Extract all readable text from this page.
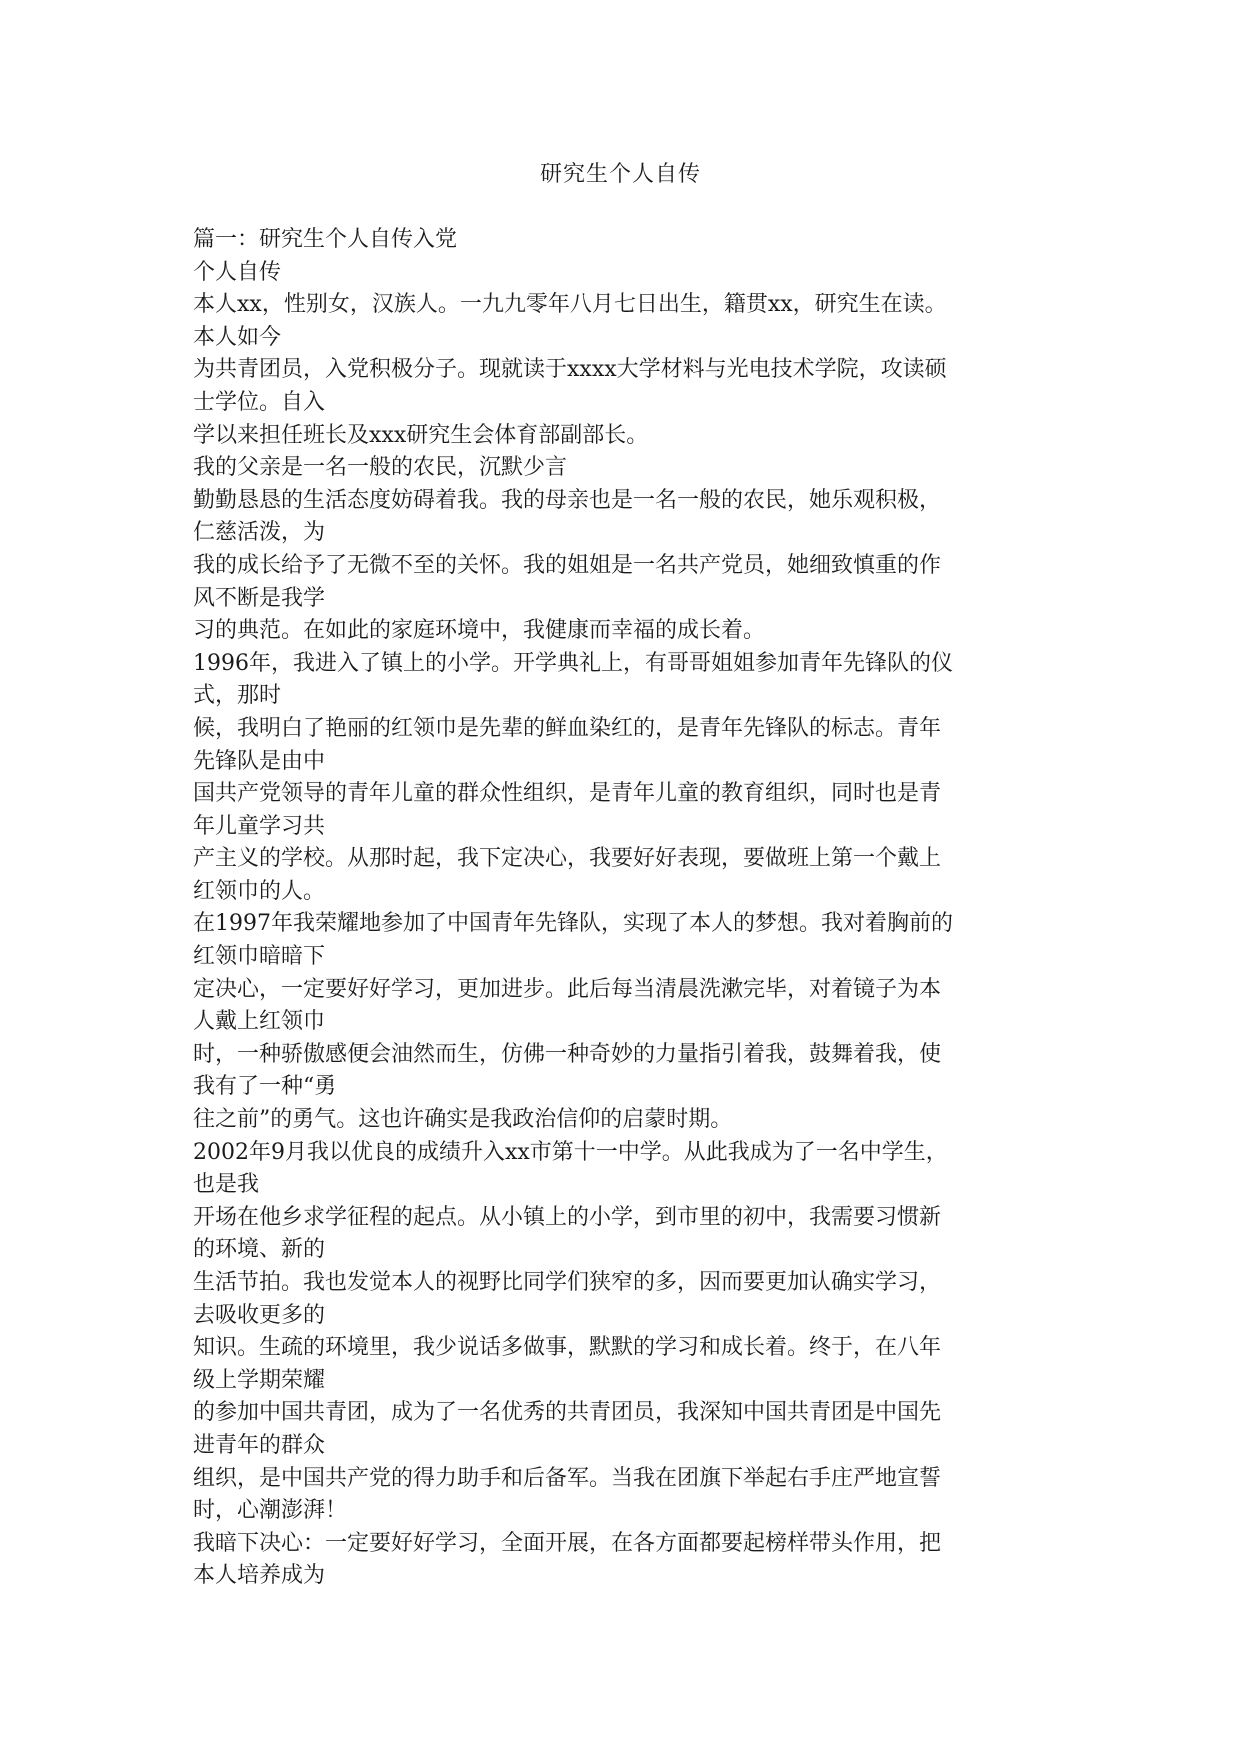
研究生个人自传
篇一：研究生个人自传入党
个人自传
本人xx，性别女，汉族人。一九九零年八月七日出生，籍贯xx，研究生在读。
本人如今
为共青团员，入党积极分子。现就读于xxxx大学材料与光电技术学院，攻读硕
士学位。自入
学以来担任班长及xxx研究生会体育部副部长。
我的父亲是一名一般的农民，沉默少言
勤勤恳恳的生活态度妨碍着我。我的母亲也是一名一般的农民，她乐观积极，
仁慈活泼，为
我的成长给予了无微不至的关怀。我的姐姐是一名共产党员，她细致慎重的作
风不断是我学
习的典范。在如此的家庭环境中，我健康而幸福的成长着。
1996年，我进入了镇上的小学。开学典礼上，有哥哥姐姐参加青年先锋队的仪
式，那时
候，我明白了艳丽的红领巾是先辈的鲜血染红的，是青年先锋队的标志。青年
先锋队是由中
国共产党领导的青年儿童的群众性组织，是青年儿童的教育组织，同时也是青
年儿童学习共
产主义的学校。从那时起，我下定决心，我要好好表现，要做班上第一个戴上
红领巾的人。
在1997年我荣耀地参加了中国青年先锋队，实现了本人的梦想。我对着胸前的
红领巾暗暗下
定决心，一定要好好学习，更加进步。此后每当清晨洗漱完毕，对着镜子为本
人戴上红领巾
时，一种骄傲感便会油然而生，仿佛一种奇妙的力量指引着我，鼓舞着我，使
我有了一种“勇
往之前”的勇气。这也许确实是我政治信仰的启蒙时期。
2002年9月我以优良的成绩升入xx市第十一中学。从此我成为了一名中学生，
也是我
开场在他乡求学征程的起点。从小镇上的小学，到市里的初中，我需要习惯新
的环境、新的
生活节拍。我也发觉本人的视野比同学们狭窄的多，因而要更加认确实学习，
去吸收更多的
知识。生疏的环境里，我少说话多做事，默默的学习和成长着。终于，在八年
级上学期荣耀
的参加中国共青团，成为了一名优秀的共青团员，我深知中国共青团是中国先
进青年的群众
组织，是中国共产党的得力助手和后备军。当我在团旗下举起右手庄严地宣誓
时，心潮澎湃！
我暗下决心：一定要好好学习，全面开展，在各方面都要起榜样带头作用，把
本人培养成为
